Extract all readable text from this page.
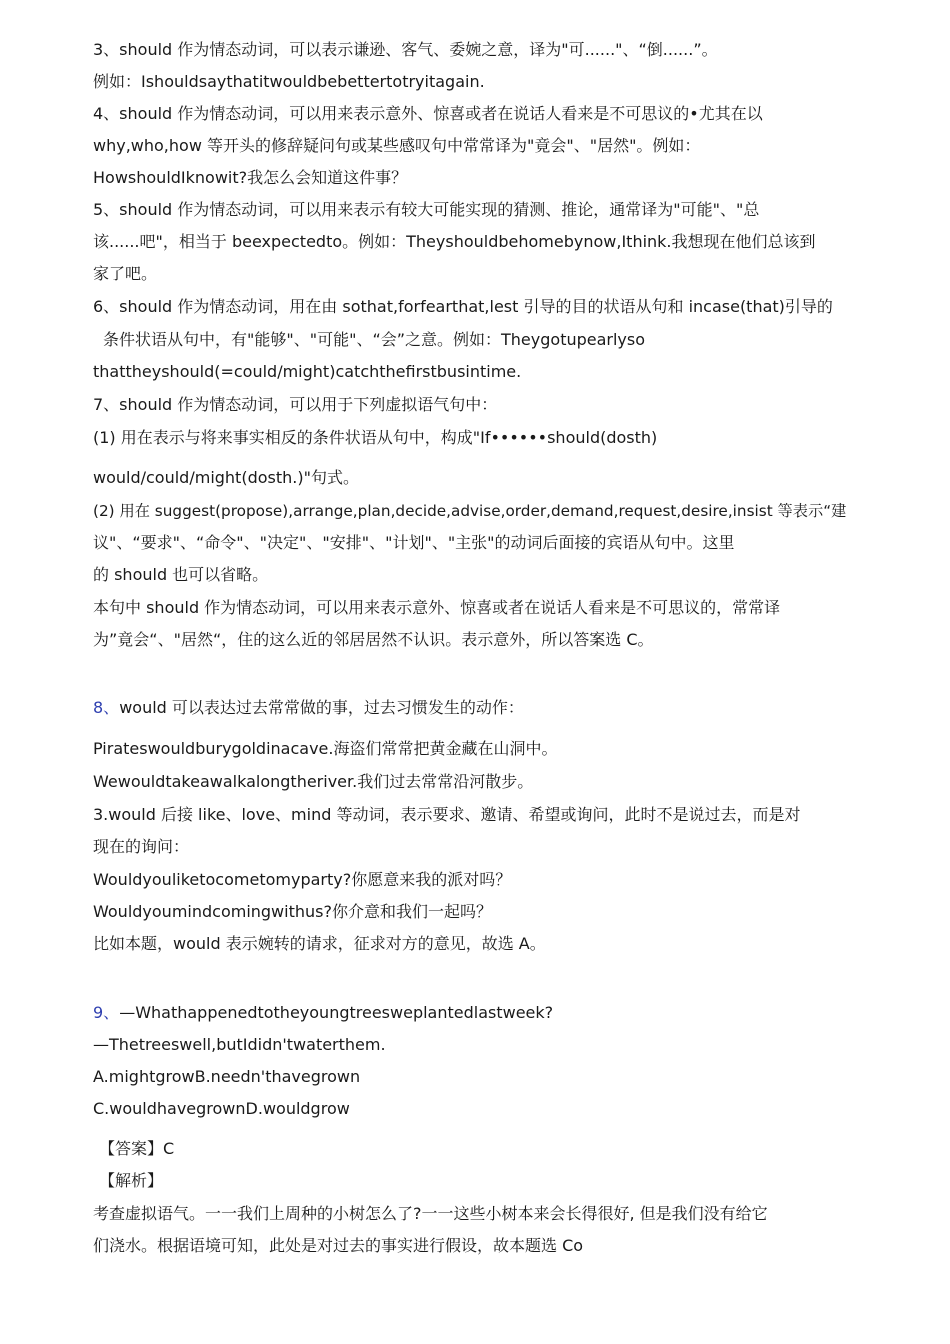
3、should 作为情态动词，可以表示谦逊、客气、委婉之意，译为"可......"、“倒......”。
例如：Ishouldsaythatitwouldbebettertotryitagain.
4、should 作为情态动词，可以用来表示意外、惊喜或者在说话人看来是不可思议的•尤其在以
why,who,how 等开头的修辞疑问句或某些感叹句中常常译为"竟会"、"居然"。例如：
HowshouldIknowit?我怎么会知道这件事？
5、should 作为情态动词，可以用来表示有较大可能实现的猜测、推论，通常译为"可能"、"总
该......吧"，相当于 beexpectedto。例如：Theyshouldbehomebynow,Ithink.我想现在他们总该到
家了吧。
6、should 作为情态动词，用在由 sothat,forfearthat,lest 引导的目的状语从句和 incase(that)引导的
条件状语从句中，有"能够"、"可能"、“会”之意。例如：Theygotupearlyso
thattheyshould(=could/might)catchthefirstbusintime.
7、should 作为情态动词，可以用于下列虚拟语气句中：
(1) 用在表示与将来事实相反的条件状语从句中，构成"If••••••should(dosth)
would/could/might(dosth.)"句式。
(2) 用在 suggest(propose),arrange,plan,decide,advise,order,demand,request,desire,insist 等表示“建
议"、“要求"、“命令"、"决定"、"安排"、"计划"、"主张"的动词后面接的宾语从句中。这里
的 should 也可以省略。
本句中 should 作为情态动词，可以用来表示意外、惊喜或者在说话人看来是不可思议的，常常译
为”竟会“、"居然“，住的这么近的邻居居然不认识。表示意外，所以答案选 C。
8、would 可以表达过去常常做的事，过去习惯发生的动作：
Pirateswouldburygoldinacave.海盗们常常把黄金藏在山洞中。
Wewouldtakeawalkalongtheriver.我们过去常常沿河散步。
3.would 后接 like、love、mind 等动词，表示要求、邀请、希望或询问，此时不是说过去，而是对
现在的询问：
Wouldyouliketocometomyparty?你愿意来我的派对吗？
Wouldyoumindcomingwithus?你介意和我们一起吗？
比如本题，would 表示婉转的请求，征求对方的意见，故选 A。
9、—Whathappenedtotheyoungtreesweplantedlastweek?
—Thetreeswell,butIdidn'twaterthem.
A.mightgrowB.needn'thavegrown
C.wouldhavegrownD.wouldgrow
【答案】C
【解析】
考查虚拟语气。一一我们上周种的小树怎么了?一一这些小树本来会长得很好, 但是我们没有给它
们浇水。根据语境可知，此处是对过去的事实进行假设，故本题选 Co
